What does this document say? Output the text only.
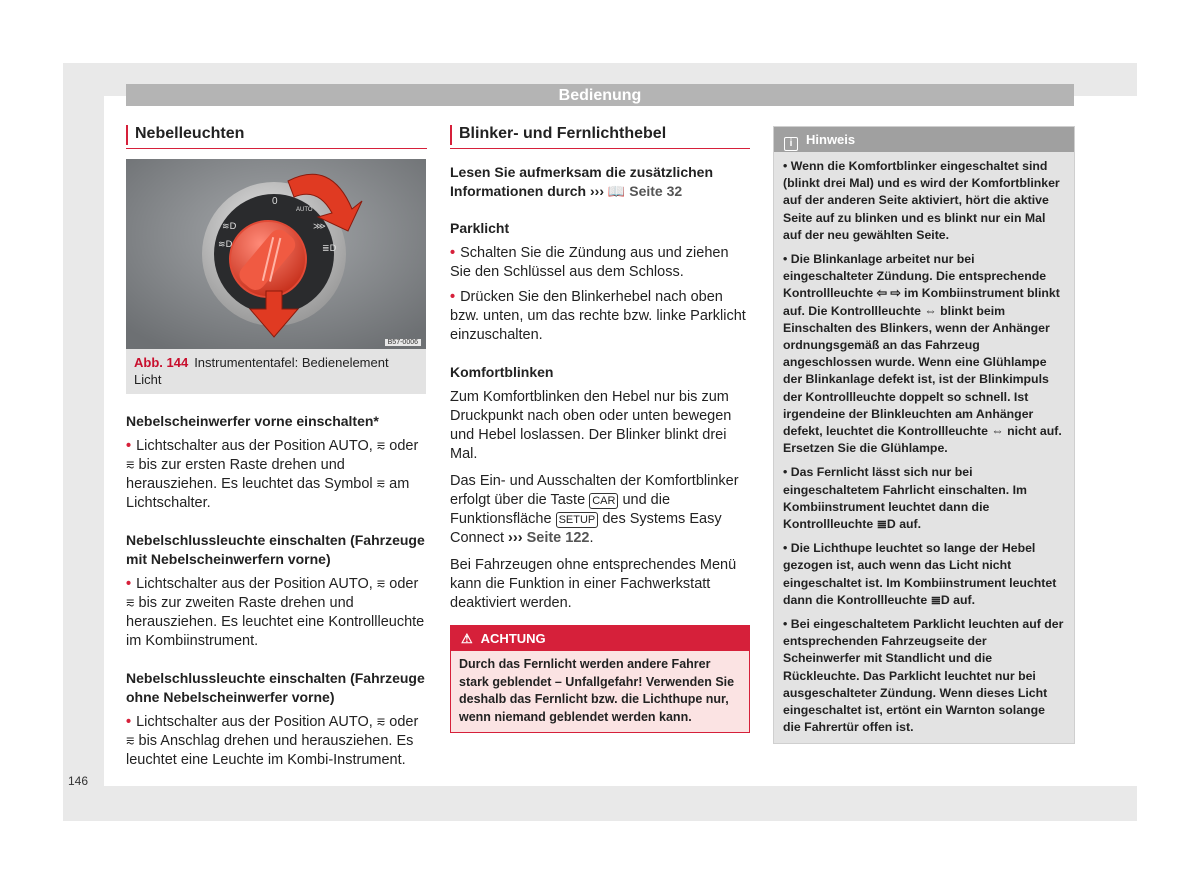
Bedienung
Nebelleuchten
0
AUTO
≋D
≋D
⋙
≣D
B57-0006
Abb. 144 Instrumententafel: Bedienelement Licht
Nebelscheinwerfer vorne einschalten*

• Lichtschalter aus der Position AUTO, ⩳ oder ⩳ bis zur ersten Raste drehen und herausziehen. Es leuchtet das Symbol ⩳ am Lichtschalter.

Nebelschlussleuchte einschalten (Fahrzeuge mit Nebelscheinwerfern vorne)

• Lichtschalter aus der Position AUTO, ⩳ oder ⩳ bis zur zweiten Raste drehen und herausziehen. Es leuchtet eine Kontrollleuchte im Kombiinstrument.

Nebelschlussleuchte einschalten (Fahrzeuge ohne Nebelscheinwerfer vorne)

• Lichtschalter aus der Position AUTO, ⩳ oder ⩳ bis Anschlag drehen und herausziehen. Es leuchtet eine Leuchte im Kombi-Instrument.

Blinker- und Fernlichthebel

Lesen Sie aufmerksam die zusätzlichen Informationen durch ››› 📖 Seite 32

Parklicht

• Schalten Sie die Zündung aus und ziehen Sie den Schlüssel aus dem Schloss.

• Drücken Sie den Blinkerhebel nach oben bzw. unten, um das rechte bzw. linke Parklicht einzuschalten.

Komfortblinken

Zum Komfortblinken den Hebel nur bis zum Druckpunkt nach oben oder unten bewegen und Hebel loslassen. Der Blinker blinkt drei Mal.

Das Ein- und Ausschalten der Komfortblinker erfolgt über die Taste CAR und die Funktionsfläche SETUP des Systems Easy Connect ››› Seite 122.

Bei Fahrzeugen ohne entsprechendes Menü kann die Funktion in einer Fachwerkstatt deaktiviert werden.

⚠ ACHTUNG
Durch das Fernlicht werden andere Fahrer stark geblendet – Unfallgefahr! Verwenden Sie deshalb das Fernlicht bzw. die Lichthupe nur, wenn niemand geblendet werden kann.
i Hinweis

• Wenn die Komfortblinker eingeschaltet sind (blinkt drei Mal) und es wird der Komfortblinker auf der anderen Seite aktiviert, hört die aktive Seite auf zu blinken und es blinkt nur ein Mal auf der neu gewählten Seite.

• Die Blinkanlage arbeitet nur bei eingeschalteter Zündung. Die entsprechende Kontrollleuchte ⇦ ⇨ im Kombiinstrument blinkt auf. Die Kontrollleuchte ⇔ blinkt beim Einschalten des Blinkers, wenn der Anhänger ordnungsgemäß an das Fahrzeug angeschlossen wurde. Wenn eine Glühlampe der Blinkanlage defekt ist, ist der Blinkimpuls der Kontrollleuchte doppelt so schnell. Ist irgendeine der Blinkleuchten am Anhänger defekt, leuchtet die Kontrollleuchte ⇔ nicht auf. Ersetzen Sie die Glühlampe.

• Das Fernlicht lässt sich nur bei eingeschaltetem Fahrlicht einschalten. Im Kombiinstrument leuchtet dann die Kontrollleuchte ≣D auf.

• Die Lichthupe leuchtet so lange der Hebel gezogen ist, auch wenn das Licht nicht eingeschaltet ist. Im Kombiinstrument leuchtet dann die Kontrollleuchte ≣D auf.

• Bei eingeschaltetem Parklicht leuchten auf der entsprechenden Fahrzeugseite der Scheinwerfer mit Standlicht und die Rückleuchte. Das Parklicht leuchtet nur bei ausgeschalteter Zündung. Wenn dieses Licht eingeschaltet ist, ertönt ein Warnton solange die Fahrertür offen ist.

146
